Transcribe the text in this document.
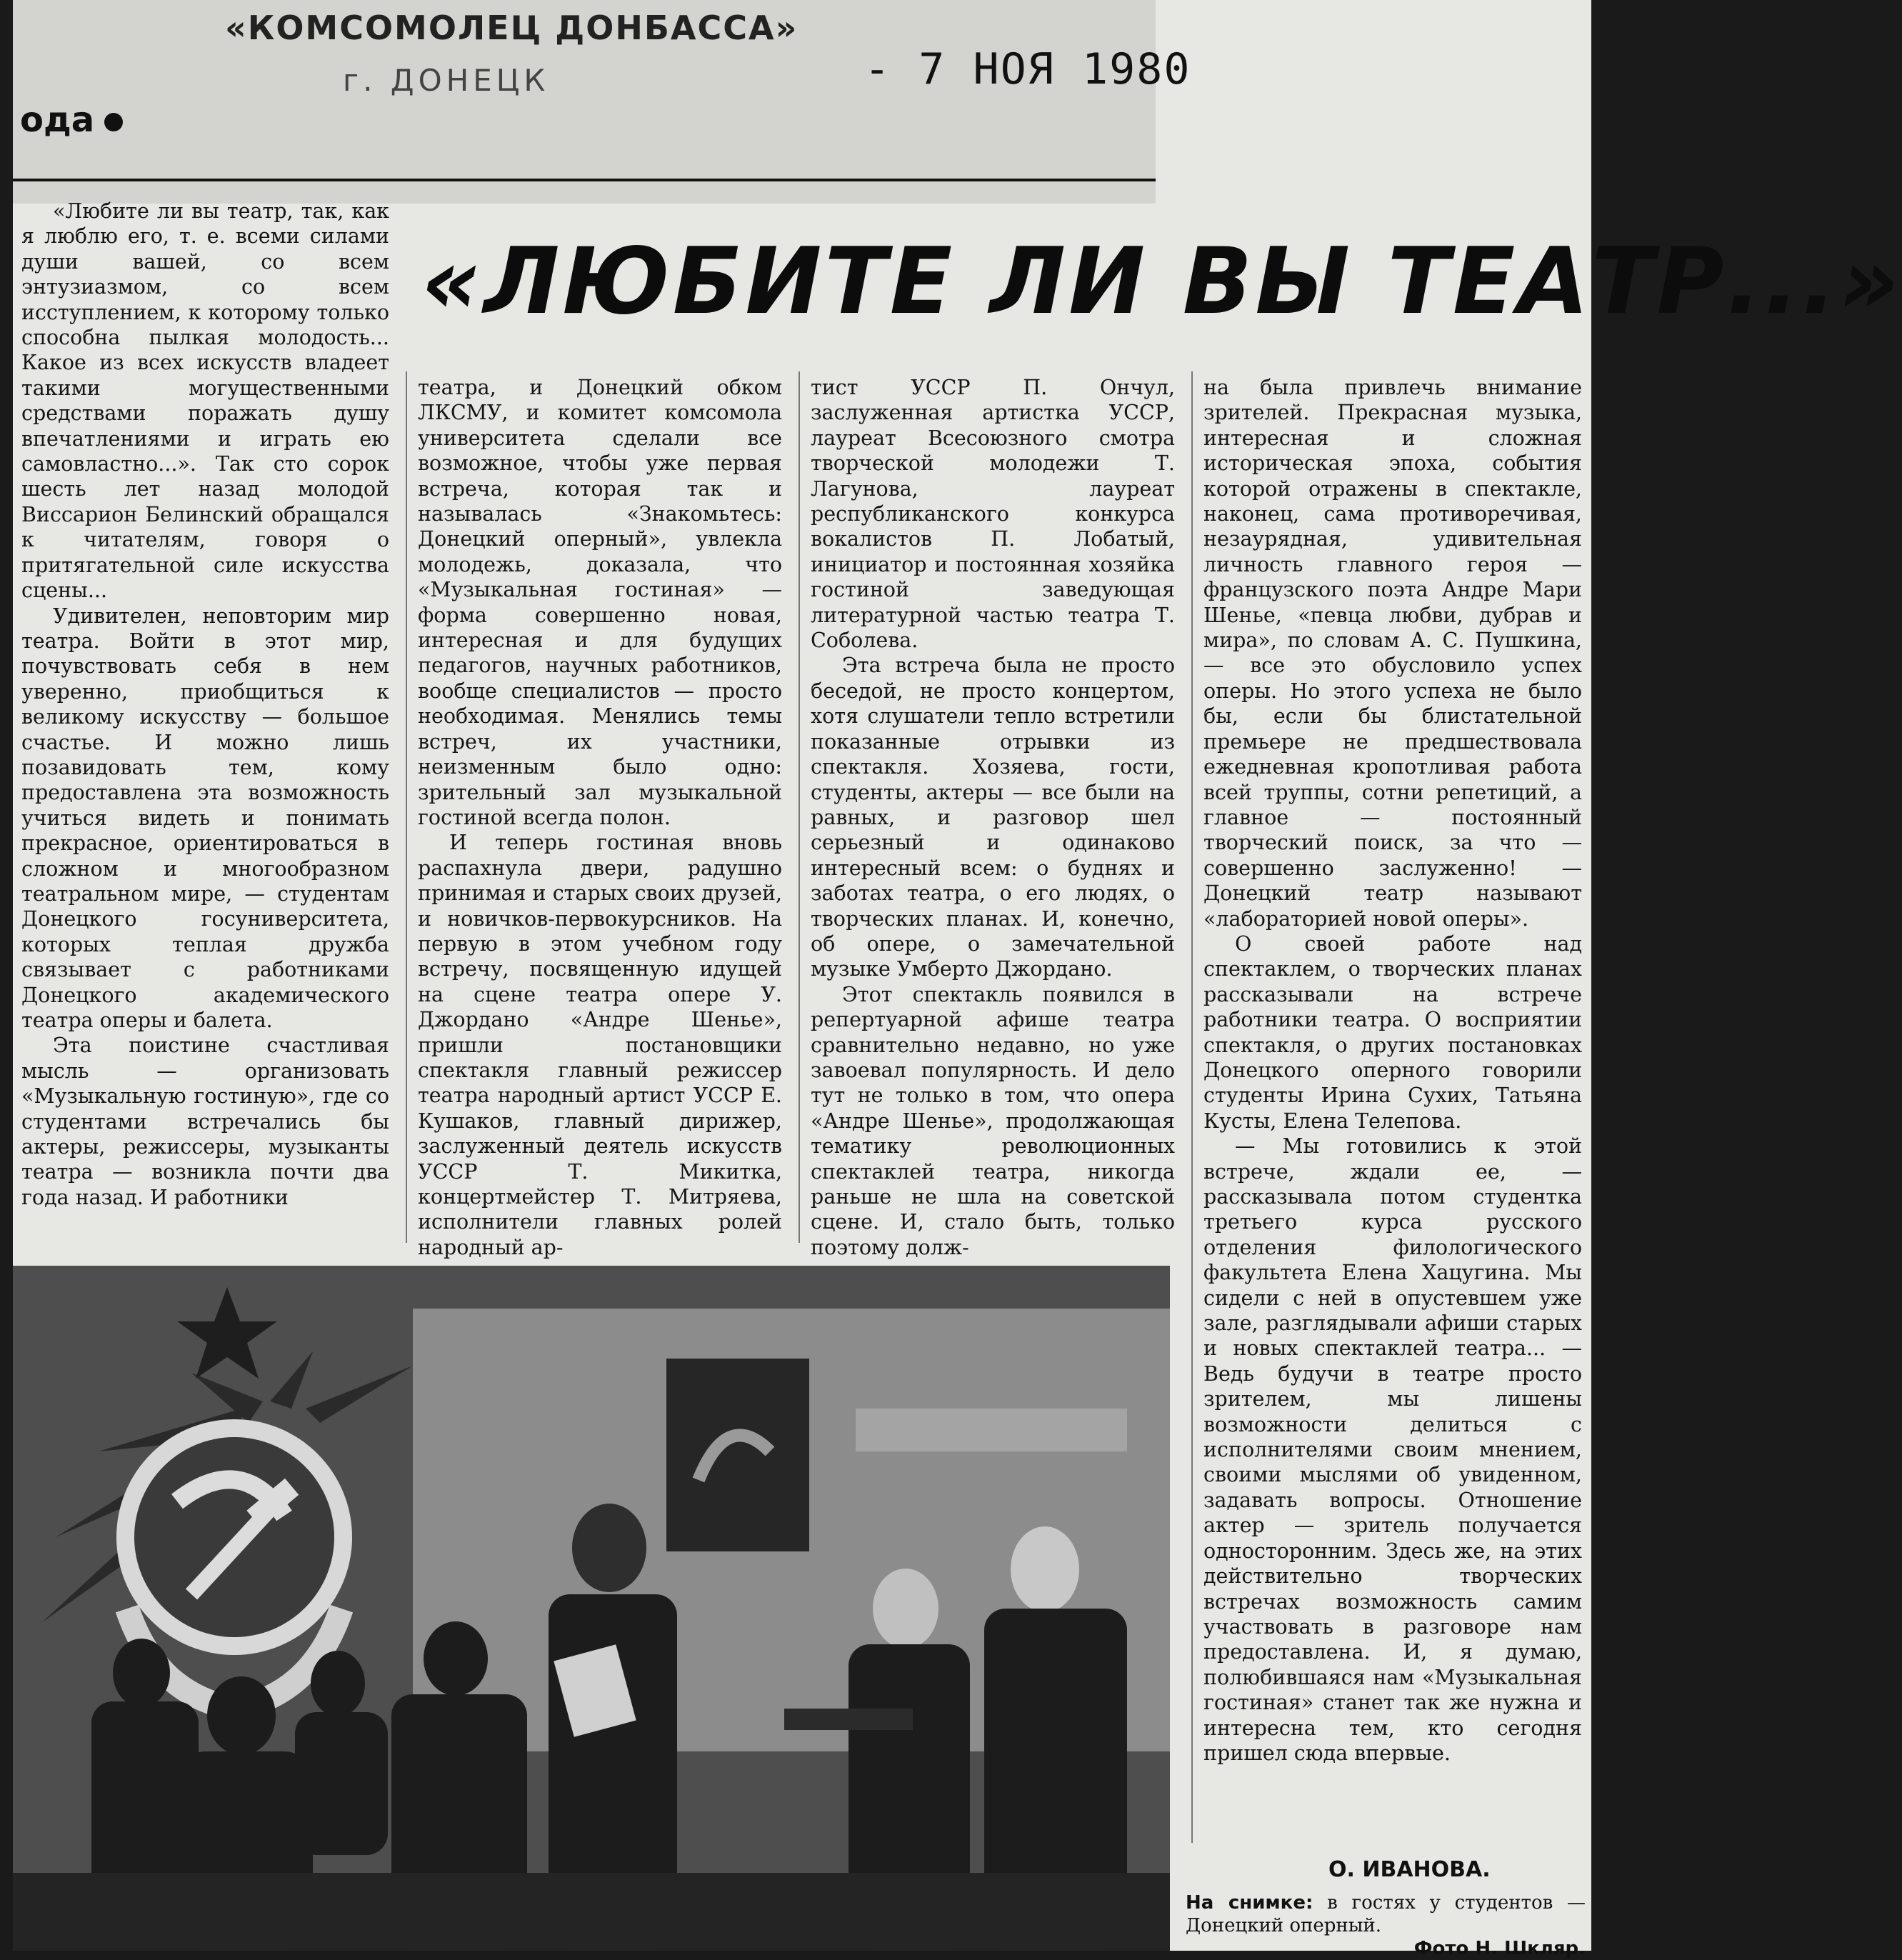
«КОМСОМОЛЕЦ ДОНБАССА»
г. ДОНЕЦК	- 7 НОЯ 1980
ода
«ЛЮБИТЕ ЛИ ВЫ ТЕАТР...»

«Любите ли вы театр, так, как я люблю его, т. е. всеми силами души вашей, со всем энтузиазмом, со всем исступлением, к которому только способна пылкая молодость... Какое из всех искусств владеет такими могущественными средствами поражать душу впечатлениями и играть ею самовластно...». Так сто сорок шесть лет назад молодой Виссарион Белинский обращался к читателям, говоря о притягательной силе искусства сцены...

Удивителен, неповторим мир театра. Войти в этот мир, почувствовать себя в нем уверенно, приобщиться к великому искусству — большое счастье. И можно лишь позавидовать тем, кому предоставлена эта возможность учиться видеть и понимать прекрасное, ориентироваться в сложном и многообразном театральном мире, — студентам Донецкого госуниверситета, которых теплая дружба связывает с работниками Донецкого академического театра оперы и балета.

Эта поистине счастливая мысль — организовать «Музыкальную гостиную», где со студентами встречались бы актеры, режиссеры, музыканты театра — возникла почти два года назад. И работники

театра, и Донецкий обком ЛКСМУ, и комитет комсомола университета сделали все возможное, чтобы уже первая встреча, которая так и называлась «Знакомьтесь: Донецкий оперный», увлекла молодежь, доказала, что «Музыкальная гостиная» — форма совершенно новая, интересная и для будущих педагогов, научных работников, вообще специалистов — просто необходимая. Менялись темы встреч, их участники, неизменным было одно: зрительный зал музыкальной гостиной всегда полон.

И теперь гостиная вновь распахнула двери, радушно принимая и старых своих друзей, и новичков-первокурсников. На первую в этом учебном году встречу, посвященную идущей на сцене театра опере У. Джордано «Андре Шенье», пришли постановщики спектакля главный режиссер театра народный артист УССР Е. Кушаков, главный дирижер, заслуженный деятель искусств УССР Т. Микитка, концертмейстер Т. Митряева, исполнители главных ролей народный ар-

тист УССР П. Ончул, заслуженная артистка УССР, лауреат Всесоюзного смотра творческой молодежи Т. Лагунова, лауреат республиканского конкурса вокалистов П. Лобатый, инициатор и постоянная хозяйка гостиной заведующая литературной частью театра Т. Соболева.

Эта встреча была не просто беседой, не просто концертом, хотя слушатели тепло встретили показанные отрывки из спектакля. Хозяева, гости, студенты, актеры — все были на равных, и разговор шел серьезный и одинаково интересный всем: о буднях и заботах театра, о его людях, о творческих планах. И, конечно, об опере, о замечательной музыке Умберто Джордано.

Этот спектакль появился в репертуарной афише театра сравнительно недавно, но уже завоевал популярность. И дело тут не только в том, что опера «Андре Шенье», продолжающая тематику революционных спектаклей театра, никогда раньше не шла на советской сцене. И, стало быть, только поэтому долж-

на была привлечь внимание зрителей. Прекрасная музыка, интересная и сложная историческая эпоха, события которой отражены в спектакле, наконец, сама противоречивая, незаурядная, удивительная личность главного героя — французского поэта Андре Мари Шенье, «певца любви, дубрав и мира», по словам А. С. Пушкина, — все это обусловило успех оперы. Но этого успеха не было бы, если бы блистательной премьере не предшествовала ежедневная кропотливая работа всей труппы, сотни репетиций, а главное — постоянный творческий поиск, за что — совершенно заслуженно! — Донецкий театр называют «лабораторией новой оперы».

О своей работе над спектаклем, о творческих планах рассказывали на встрече работники театра. О восприятии спектакля, о других постановках Донецкого оперного говорили студенты Ирина Сухих, Татьяна Кусты, Елена Телепова.

— Мы готовились к этой встрече, ждали ее, — рассказывала потом студентка третьего курса русского отделения филологического факультета Елена Хацугина. Мы сидели с ней в опустевшем уже зале, разглядывали афиши старых и новых спектаклей театра... — Ведь будучи в театре просто зрителем, мы лишены возможности делиться с исполнителями своим мнением, своими мыслями об увиденном, задавать вопросы. Отношение актер — зритель получается односторонним. Здесь же, на этих действительно творческих встречах возможность самим участвовать в разговоре нам предоставлена. И, я думаю, полюбившаяся нам «Музыкальная гостиная» станет так же нужна и интересна тем, кто сегодня пришел сюда впервые.

О. ИВАНОВА.
На снимке: в гостях у студентов — Донецкий оперный.
Фото Н. Шкляр.
